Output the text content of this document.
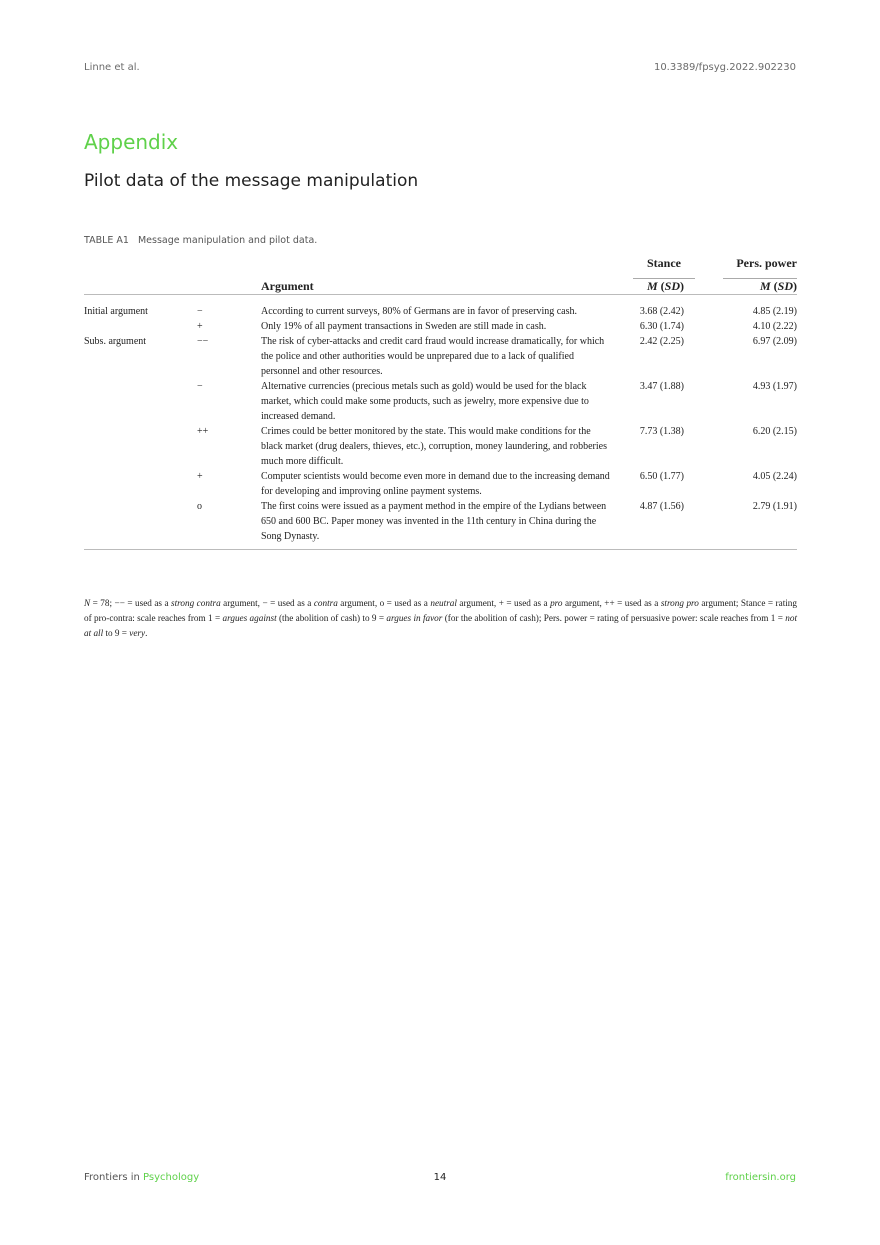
Linne et al.	10.3389/fpsyg.2022.902230
Appendix
Pilot data of the message manipulation
TABLE A1 Message manipulation and pilot data.
			Stance	Pers. power
		Argument	M (SD)	M (SD)
Initial argument	−	According to current surveys, 80% of Germans are in favor of preserving cash.	3.68 (2.42)	4.85 (2.19)
	+	Only 19% of all payment transactions in Sweden are still made in cash.	6.30 (1.74)	4.10 (2.22)
Subs. argument	−−	The risk of cyber-attacks and credit card fraud would increase dramatically, for which the police and other authorities would be unprepared due to a lack of qualified personnel and other resources.	2.42 (2.25)	6.97 (2.09)
	−	Alternative currencies (precious metals such as gold) would be used for the black market, which could make some products, such as jewelry, more expensive due to increased demand.	3.47 (1.88)	4.93 (1.97)
	++	Crimes could be better monitored by the state. This would make conditions for the black market (drug dealers, thieves, etc.), corruption, money laundering, and robberies much more difficult.	7.73 (1.38)	6.20 (2.15)
	+	Computer scientists would become even more in demand due to the increasing demand for developing and improving online payment systems.	6.50 (1.77)	4.05 (2.24)
	o	The first coins were issued as a payment method in the empire of the Lydians between 650 and 600 BC. Paper money was invented in the 11th century in China during the Song Dynasty.	4.87 (1.56)	2.79 (1.91)
N = 78; −− = used as a strong contra argument, − = used as a contra argument, o = used as a neutral argument, + = used as a pro argument, ++ = used as a strong pro argument; Stance = rating of pro-contra: scale reaches from 1 = argues against (the abolition of cash) to 9 = argues in favor (for the abolition of cash); Pers. power = rating of persuasive power: scale reaches from 1 = not at all to 9 = very.
Frontiers in Psychology	14	frontiersin.org
